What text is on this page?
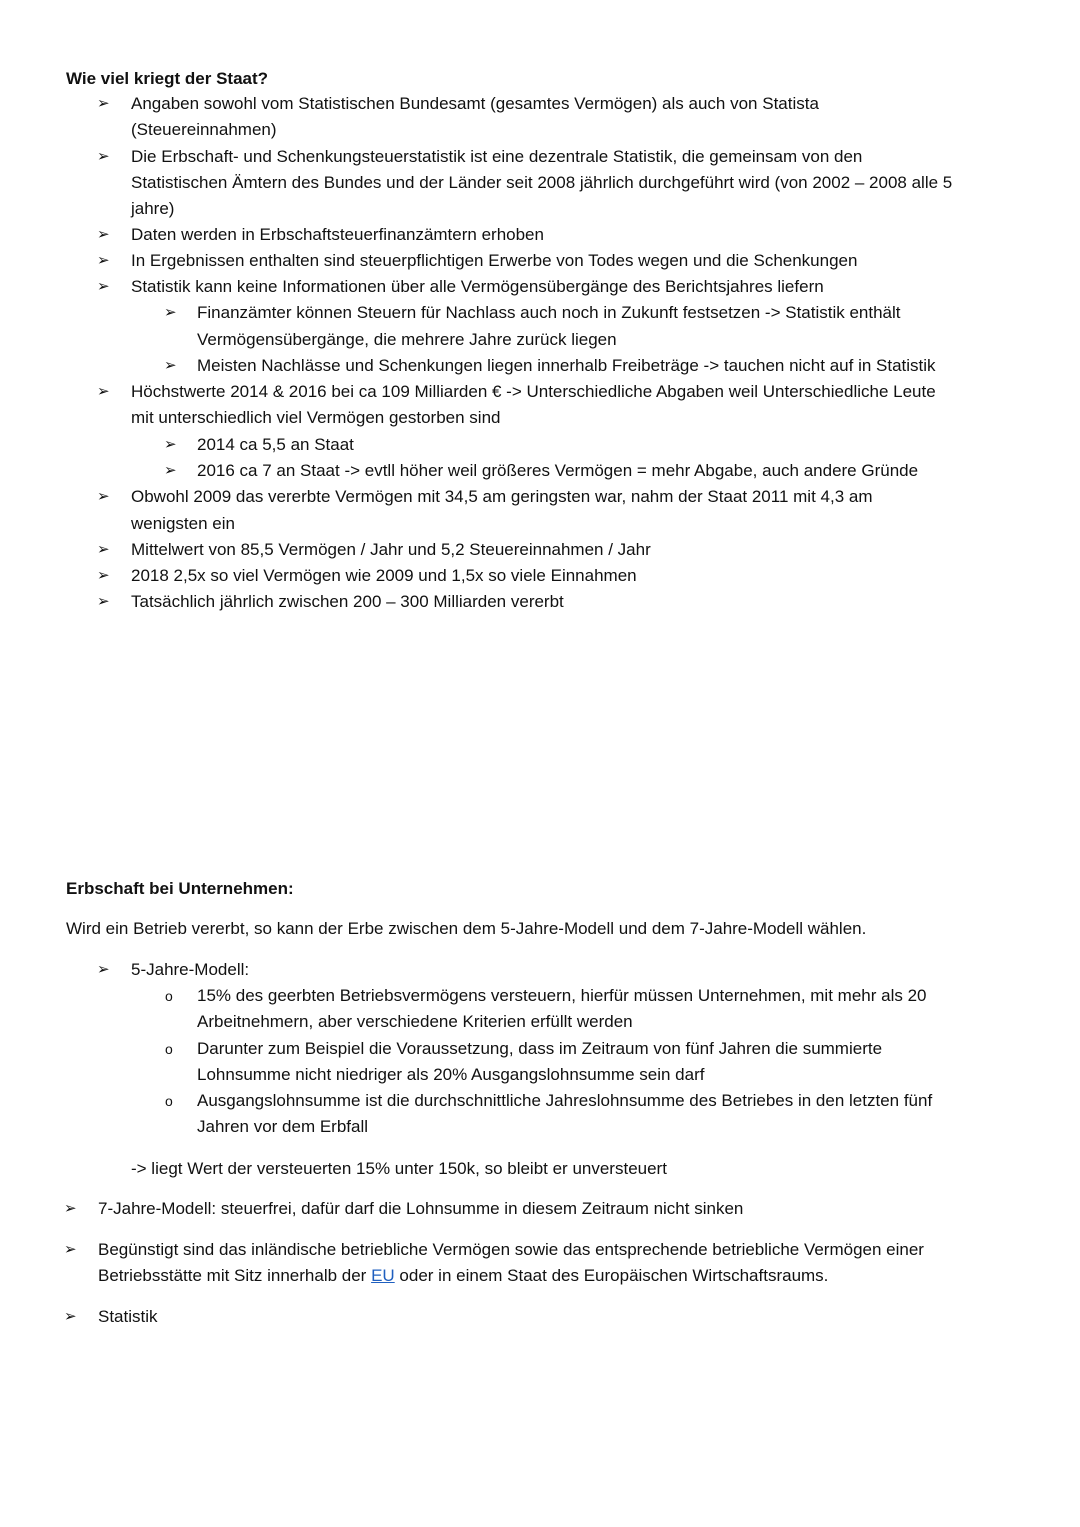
Wie viel kriegt der Staat?
➢ Angaben sowohl vom Statistischen Bundesamt (gesamtes Vermögen) als auch von Statista
(Steuereinnahmen)
➢ Die Erbschaft- und Schenkungsteuerstatistik ist eine dezentrale Statistik, die gemeinsam von den
Statistischen Ämtern des Bundes und der Länder seit 2008 jährlich durchgeführt wird (von 2002 – 2008 alle 5
jahre)
➢ Daten werden in Erbschaftsteuerfinanzämtern erhoben
➢ In Ergebnissen enthalten sind steuerpflichtigen Erwerbe von Todes wegen und die Schenkungen
➢ Statistik kann keine Informationen über alle Vermögensübergänge des Berichtsjahres liefern
➢ Finanzämter können Steuern für Nachlass auch noch in Zukunft festsetzen -> Statistik enthält
Vermögensübergänge, die mehrere Jahre zurück liegen
➢ Meisten Nachlässe und Schenkungen liegen innerhalb Freibeträge -> tauchen nicht auf in Statistik
➢ Höchstwerte 2014 & 2016 bei ca 109 Milliarden € -> Unterschiedliche Abgaben weil Unterschiedliche Leute
mit unterschiedlich viel Vermögen gestorben sind
➢ 2014 ca 5,5 an Staat
➢ 2016 ca 7 an Staat -> evtll höher weil größeres Vermögen = mehr Abgabe, auch andere Gründe
➢ Obwohl 2009 das vererbte Vermögen mit 34,5 am geringsten war, nahm der Staat 2011 mit 4,3 am
wenigsten ein
➢ Mittelwert von 85,5 Vermögen / Jahr und 5,2 Steuereinnahmen / Jahr
➢ 2018 2,5x so viel Vermögen wie 2009 und 1,5x so viele Einnahmen
➢ Tatsächlich jährlich zwischen 200 – 300 Milliarden vererbt
Erbschaft bei Unternehmen:
Wird ein Betrieb vererbt, so kann der Erbe zwischen dem 5-Jahre-Modell und dem 7-Jahre-Modell wählen.
➢ 5-Jahre-Modell:
o 15% des geerbten Betriebsvermögens versteuern, hierfür müssen Unternehmen, mit mehr als 20
Arbeitnehmern, aber verschiedene Kriterien erfüllt werden
o Darunter zum Beispiel die Voraussetzung, dass im Zeitraum von fünf Jahren die summierte
Lohnsumme nicht niedriger als 20% Ausgangslohnsumme sein darf
o Ausgangslohnsumme ist die durchschnittliche Jahreslohnsumme des Betriebes in den letzten fünf
Jahren vor dem Erbfall
-> liegt Wert der versteuerten 15% unter 150k, so bleibt er unversteuert
➢ 7-Jahre-Modell: steuerfrei, dafür darf die Lohnsumme in diesem Zeitraum nicht sinken
➢ Begünstigt sind das inländische betriebliche Vermögen sowie das entsprechende betriebliche Vermögen einer
Betriebsstätte mit Sitz innerhalb der EU oder in einem Staat des Europäischen Wirtschaftsraums.
➢ Statistik
